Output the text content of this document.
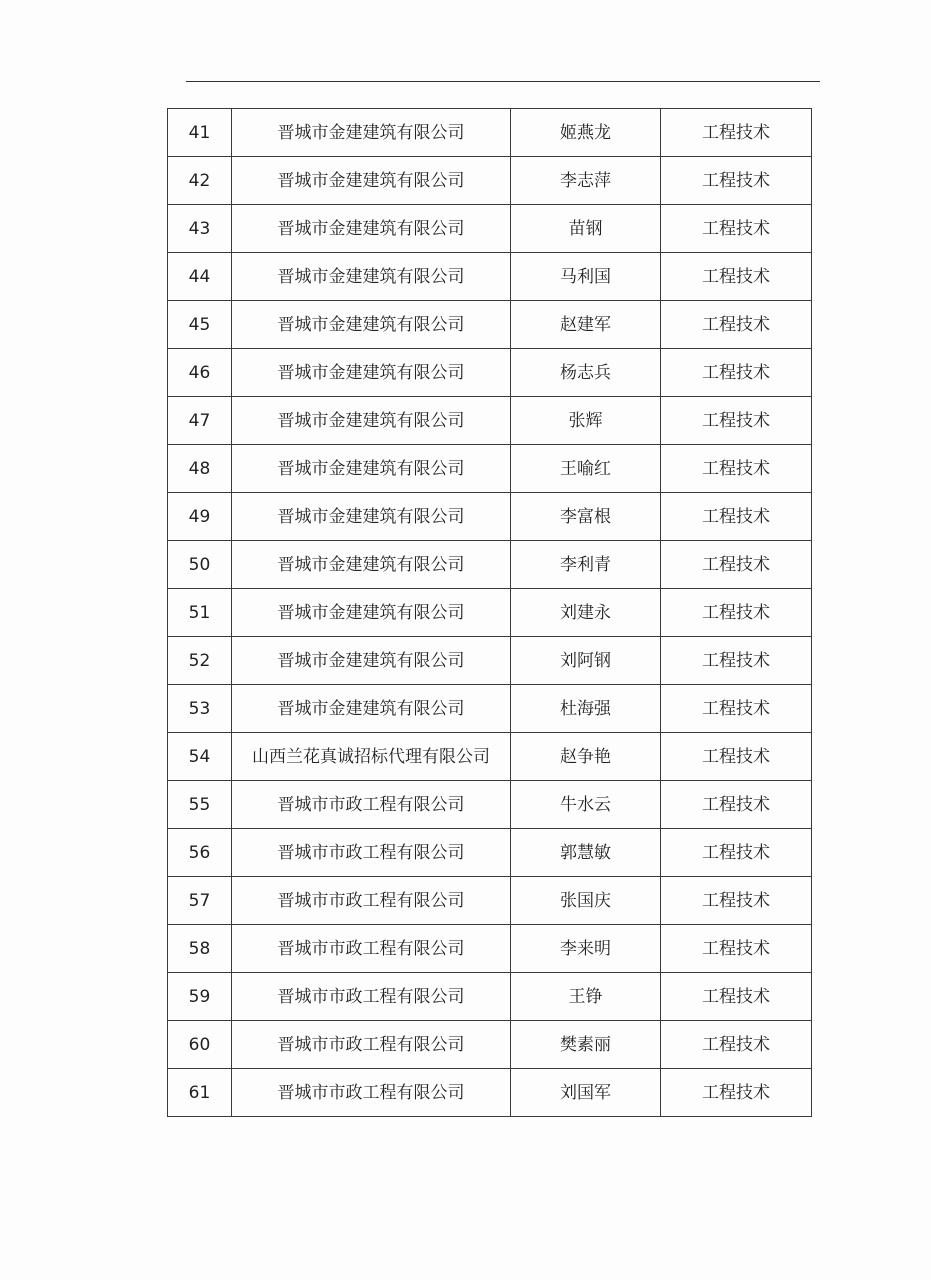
41	晋城市金建建筑有限公司	姬燕龙	工程技术
42	晋城市金建建筑有限公司	李志萍	工程技术
43	晋城市金建建筑有限公司	苗钢	工程技术
44	晋城市金建建筑有限公司	马利国	工程技术
45	晋城市金建建筑有限公司	赵建军	工程技术
46	晋城市金建建筑有限公司	杨志兵	工程技术
47	晋城市金建建筑有限公司	张辉	工程技术
48	晋城市金建建筑有限公司	王喻红	工程技术
49	晋城市金建建筑有限公司	李富根	工程技术
50	晋城市金建建筑有限公司	李利青	工程技术
51	晋城市金建建筑有限公司	刘建永	工程技术
52	晋城市金建建筑有限公司	刘阿钢	工程技术
53	晋城市金建建筑有限公司	杜海强	工程技术
54	山西兰花真诚招标代理有限公司	赵争艳	工程技术
55	晋城市市政工程有限公司	牛水云	工程技术
56	晋城市市政工程有限公司	郭慧敏	工程技术
57	晋城市市政工程有限公司	张国庆	工程技术
58	晋城市市政工程有限公司	李来明	工程技术
59	晋城市市政工程有限公司	王铮	工程技术
60	晋城市市政工程有限公司	樊素丽	工程技术
61	晋城市市政工程有限公司	刘国军	工程技术
